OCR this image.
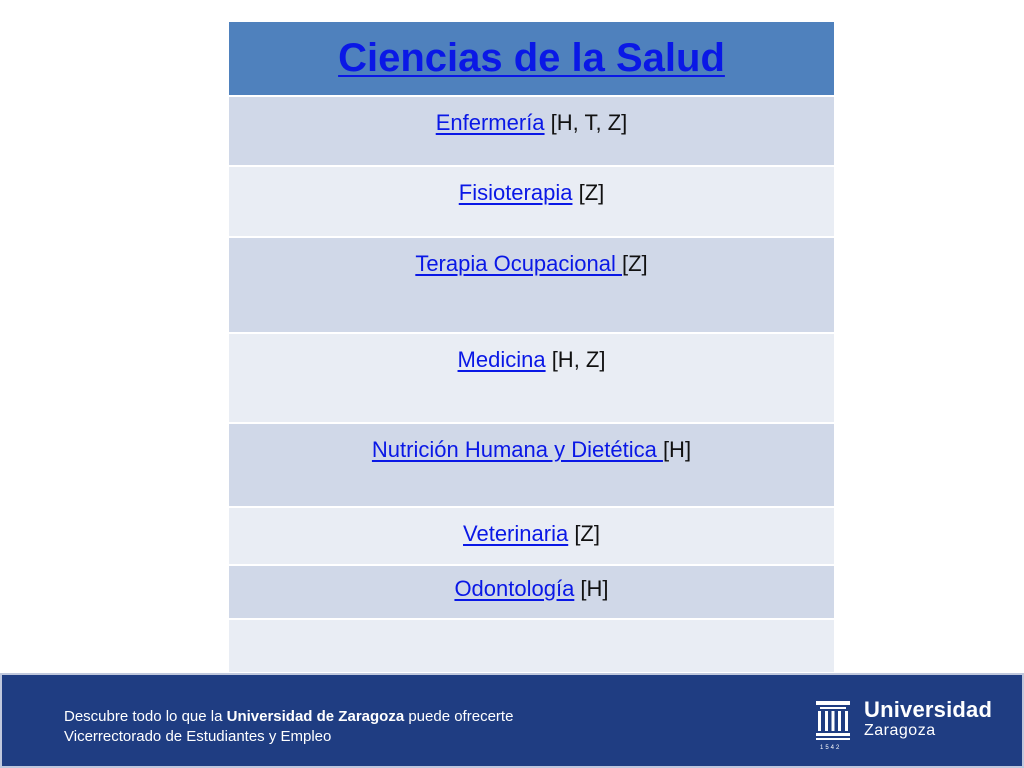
Ciencias de la Salud
Enfermería [H, T, Z]
Fisioterapia [Z]
Terapia Ocupacional [Z]
Medicina [H, Z]
Nutrición Humana y Dietética [H]
Veterinaria [Z]
Odontología [H]
Descubre todo lo que la Universidad de Zaragoza puede ofrecerte
Vicerrectorado de Estudiantes y Empleo
Universidad
Zaragoza
1542
